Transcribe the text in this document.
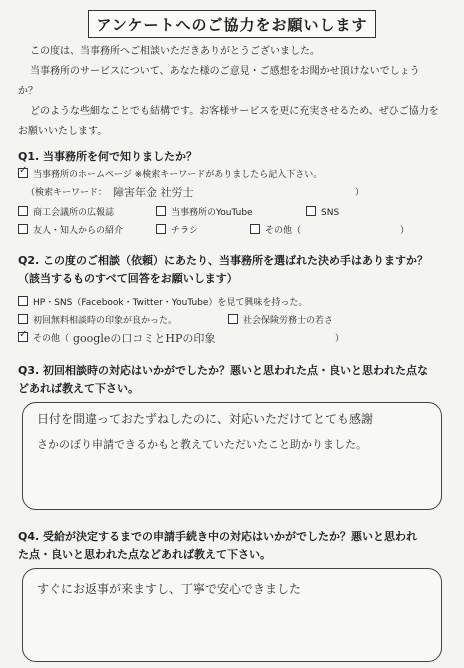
アンケートへのご協力をお願いします

この度は、当事務所へご相談いただきありがとうございました。

当事務所のサービスについて、あなた様のご意見・ご感想をお聞かせ頂けないでしょう

か？

どのような些細なことでも結構です。お客様サービスを更に充実させるため、ぜひご協力を

お願いいたします。

Q1. 当事務所を何で知りましたか？
✓
当事務所のホームページ ※検索キーワードがありましたら記入下さい。
（検索キーワード： 障害年金 社労士	）
商工会議所の広報誌	当事務所のYouTube	SNS
友人・知人からの紹介	チラシ	その他（	）
Q2. この度のご相談（依頼）にあたり、当事務所を選ばれた決め手はありますか？
（該当するものすべて回答をお願いします）
HP・SNS（Facebook・Twitter・YouTube）を見て興味を持った。
初回無料相談時の印象が良かった。	社会保険労務士の若さ
✓
その他（ googleの口コミとHPの印象	）
Q3. 初回相談時の対応はいかがでしたか？悪いと思われた点・良いと思われた点な
どあれば教えて下さい。
日付を間違っておたずねしたのに、対応いただけてとても感謝
さかのぼり申請できるかもと教えていただいたこと助かりました。
Q4. 受給が決定するまでの申請手続き中の対応はいかがでしたか？悪いと思われ
た点・良いと思われた点などあれば教えて下さい。
すぐにお返事が来ますし、丁寧で安心できました
